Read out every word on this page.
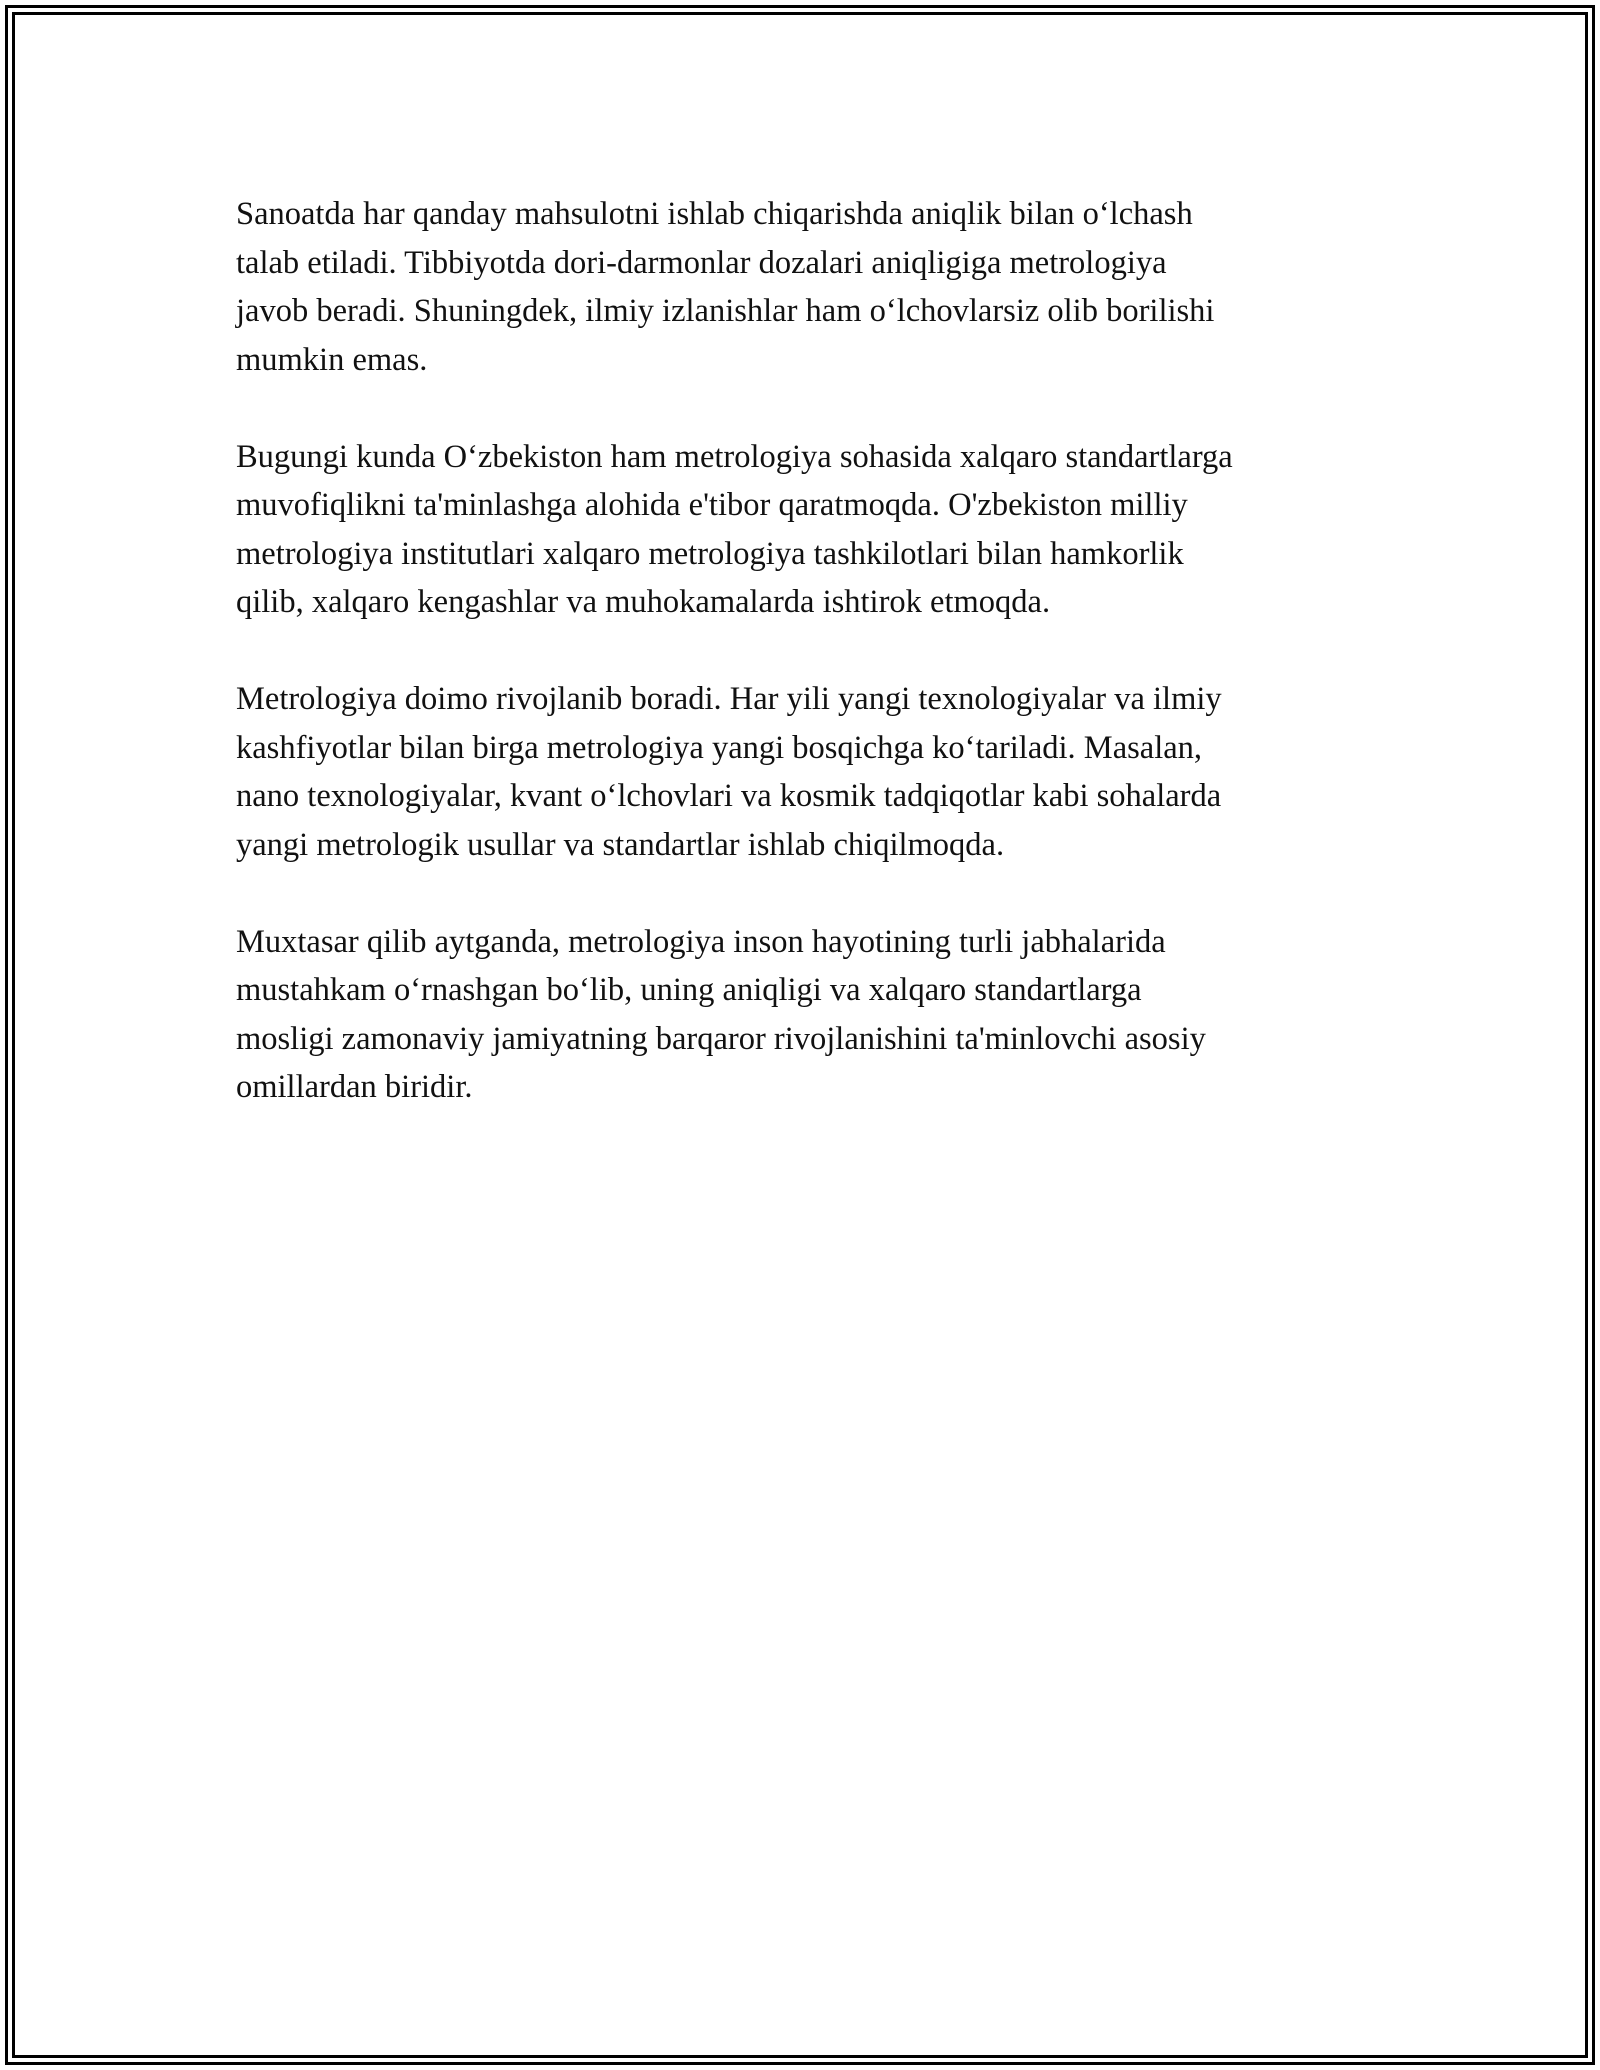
Sanoatda har qanday mahsulotni ishlab chiqarishda aniqlik bilan o‘lchash
talab etiladi. Tibbiyotda dori-darmonlar dozalari aniqligiga metrologiya
javob beradi. Shuningdek, ilmiy izlanishlar ham o‘lchovlarsiz olib borilishi
mumkin emas.

Bugungi kunda O‘zbekiston ham metrologiya sohasida xalqaro standartlarga
muvofiqlikni ta'minlashga alohida e'tibor qaratmoqda. O'zbekiston milliy
metrologiya institutlari xalqaro metrologiya tashkilotlari bilan hamkorlik
qilib, xalqaro kengashlar va muhokamalarda ishtirok etmoqda.

Metrologiya doimo rivojlanib boradi. Har yili yangi texnologiyalar va ilmiy
kashfiyotlar bilan birga metrologiya yangi bosqichga ko‘tariladi. Masalan,
nano texnologiyalar, kvant o‘lchovlari va kosmik tadqiqotlar kabi sohalarda
yangi metrologik usullar va standartlar ishlab chiqilmoqda.

Muxtasar qilib aytganda, metrologiya inson hayotining turli jabhalarida
mustahkam o‘rnashgan bo‘lib, uning aniqligi va xalqaro standartlarga
mosligi zamonaviy jamiyatning barqaror rivojlanishini ta'minlovchi asosiy
omillardan biridir.
